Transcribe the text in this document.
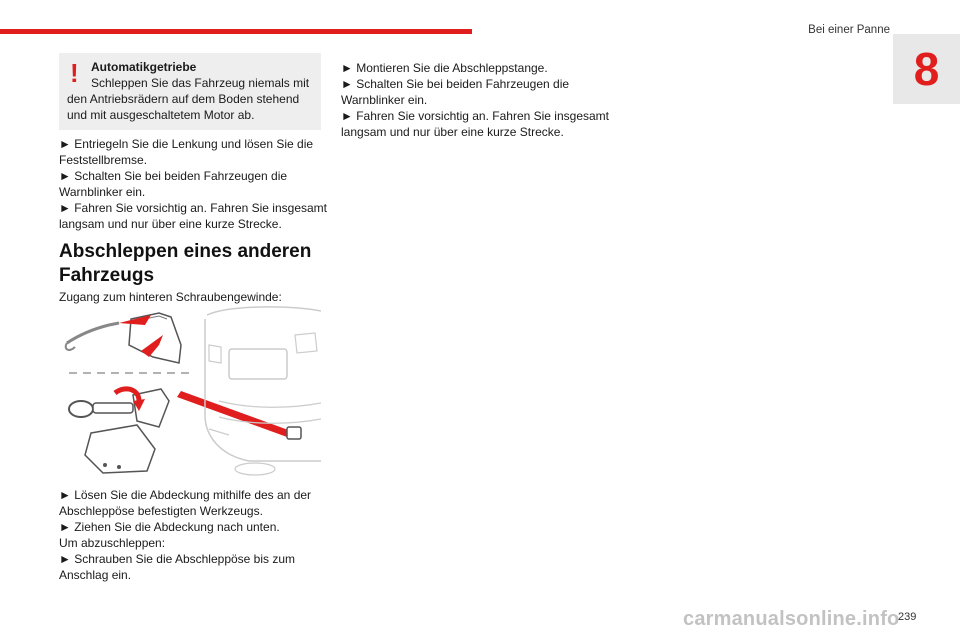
Bei einer Panne
8
! Automatikgetriebe
Schleppen Sie das Fahrzeug niemals mit
den Antriebsrädern auf dem Boden stehend und mit ausgeschaltetem Motor ab.

► Entriegeln Sie die Lenkung und lösen Sie die Feststellbremse.

► Schalten Sie bei beiden Fahrzeugen die Warnblinker ein.

► Fahren Sie vorsichtig an. Fahren Sie insgesamt langsam und nur über eine kurze Strecke.

Abschleppen eines anderen
Fahrzeugs

Zugang zum hinteren Schraubengewinde:

► Lösen Sie die Abdeckung mithilfe des an der Abschleppöse befestigten Werkzeugs.

► Ziehen Sie die Abdeckung nach unten.

Um abzuschleppen:

► Schrauben Sie die Abschleppöse bis zum Anschlag ein.

► Montieren Sie die Abschleppstange.

► Schalten Sie bei beiden Fahrzeugen die Warnblinker ein.

► Fahren Sie vorsichtig an. Fahren Sie insgesamt langsam und nur über eine kurze Strecke.

carmanualsonline.info
239
